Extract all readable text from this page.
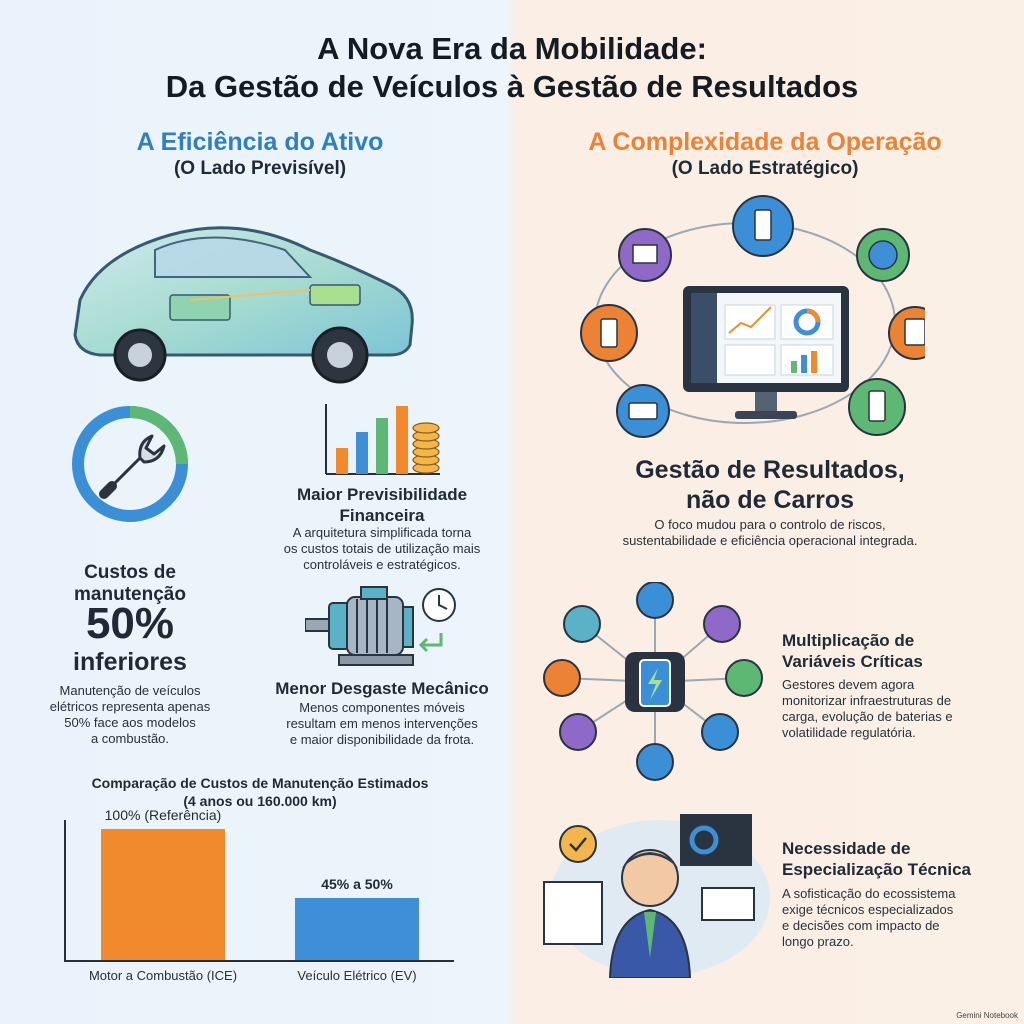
A Nova Era da Mobilidade:
Da Gestão de Veículos à Gestão de Resultados
A Eficiência do Ativo
(O Lado Previsível)
A Complexidade da Operação
(O Lado Estratégico)
Custos de
manutenção
50%
inferiores
Manutenção de veículos
elétricos representa apenas
50% face aos modelos
a combustão.
Maior Previsibilidade
Financeira
A arquitetura simplificada torna
os custos totais de utilização mais
controláveis e estratégicos.
Menor Desgaste Mecânico
Menos componentes móveis
resultam em menos intervenções
e maior disponibilidade da frota.
Comparação de Custos de Manutenção Estimados
(4 anos ou 160.000 km)
100% (Referência)
45% a 50%
Motor a Combustão (ICE)	Veículo Elétrico (EV)
Gestão de Resultados,
não de Carros
O foco mudou para o controlo de riscos,
sustentabilidade e eficiência operacional integrada.
Multiplicação de
Variáveis Críticas
Gestores devem agora
monitorizar infraestruturas de
carga, evolução de baterias e
volatilidade regulatória.
Necessidade de
Especialização Técnica
A sofisticação do ecossistema
exige técnicos especializados
e decisões com impacto de
longo prazo.
Gemini Notebook
